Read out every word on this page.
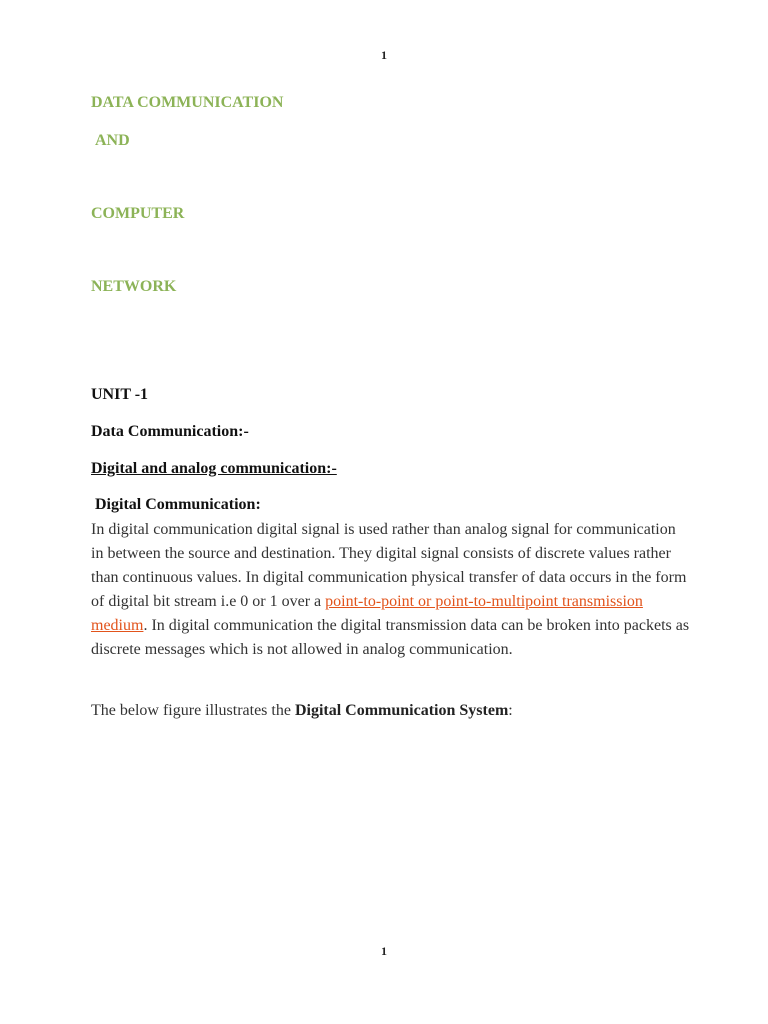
1
DATA COMMUNICATION
AND
COMPUTER
NETWORK
UNIT -1
Data Communication:-
Digital and analog communication:-
Digital Communication:
In digital communication digital signal is used rather than analog signal for communication in between the source and destination. They digital signal consists of discrete values rather than continuous values. In digital communication physical transfer of data occurs in the form of digital bit stream i.e 0 or 1 over a point-to-point or point-to-multipoint transmission medium. In digital communication the digital transmission data can be broken into packets as discrete messages which is not allowed in analog communication.
The below figure illustrates the Digital Communication System:
1
